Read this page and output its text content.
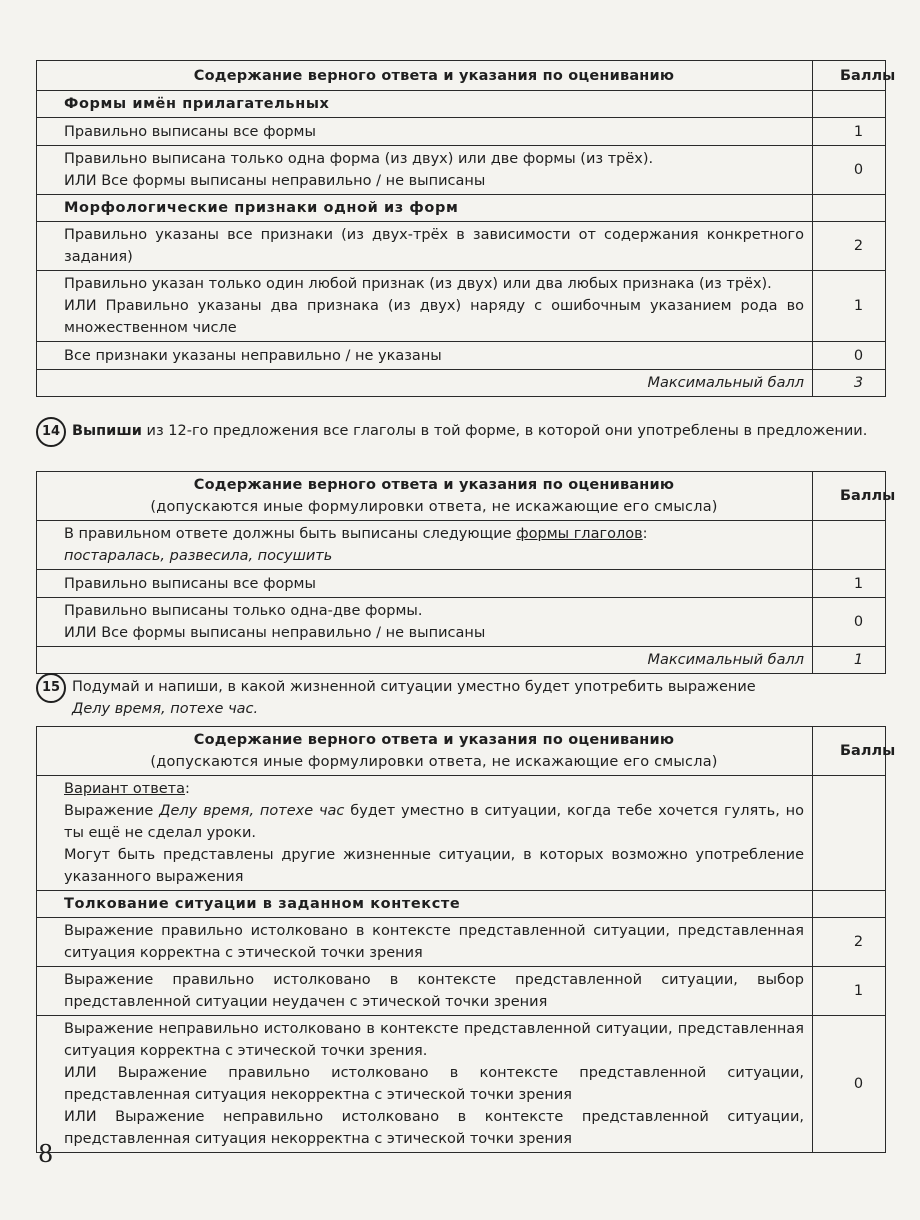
Содержание верного ответа и указания по оцениванию	Баллы
Формы имён прилагательных	
Правильно выписаны все формы	1

Правильно выписана только одна форма (из двух) или две формы (из трёх).
ИЛИ Все формы выписаны неправильно / не выписаны	0
Морфологические признаки одной из форм	
Правильно указаны все признаки (из двух-трёх в зависимости от содержания конкретного задания)	2

Правильно указан только один любой признак (из двух) или два любых признака (из трёх).
ИЛИ Правильно указаны два признака (из двух) наряду с ошибочным указанием рода во множественном числе	1
Все признаки указаны неправильно / не указаны	0
Максимальный балл	3
14 Выпиши из 12-го предложения все глаголы в той форме, в которой они употреблены в предложении.
Содержание верного ответа и указания по оцениванию
(допускаются иные формулировки ответа, не искажающие его смысла)	Баллы

В правильном ответе должны быть выписаны следующие формы глаголов:
постаралась, развесила, посушить	

Правильно выписаны все формы	1

Правильно выписаны только одна-две формы.
ИЛИ Все формы выписаны неправильно / не выписаны	0
Максимальный балл	1
15 Подумай и напиши, в какой жизненной ситуации уместно будет употребить выражение
Делу время, потехе час.
Содержание верного ответа и указания по оцениванию
(допускаются иные формулировки ответа, не искажающие его смысла)	Баллы

Вариант ответа:
Выражение Делу время, потехе час будет уместно в ситуации, когда тебе хочется гулять, но ты ещё не сделал уроки.
Могут быть представлены другие жизненные ситуации, в которых возможно употребление указанного выражения	

Толкование ситуации в заданном контексте	
Выражение правильно истолковано в контексте представленной ситуации, представленная ситуация корректна с этической точки зрения	2
Выражение правильно истолковано в контексте представленной ситуации, выбор представленной ситуации неудачен с этической точки зрения	1

Выражение неправильно истолковано в контексте представленной ситуации, представленная ситуация корректна с этической точки зрения.
ИЛИ Выражение правильно истолковано в контексте представленной ситуации, представленная ситуация некорректна с этической точки зрения
ИЛИ Выражение неправильно истолковано в контексте представленной ситуации, представленная ситуация некорректна с этической точки зрения	0
8
